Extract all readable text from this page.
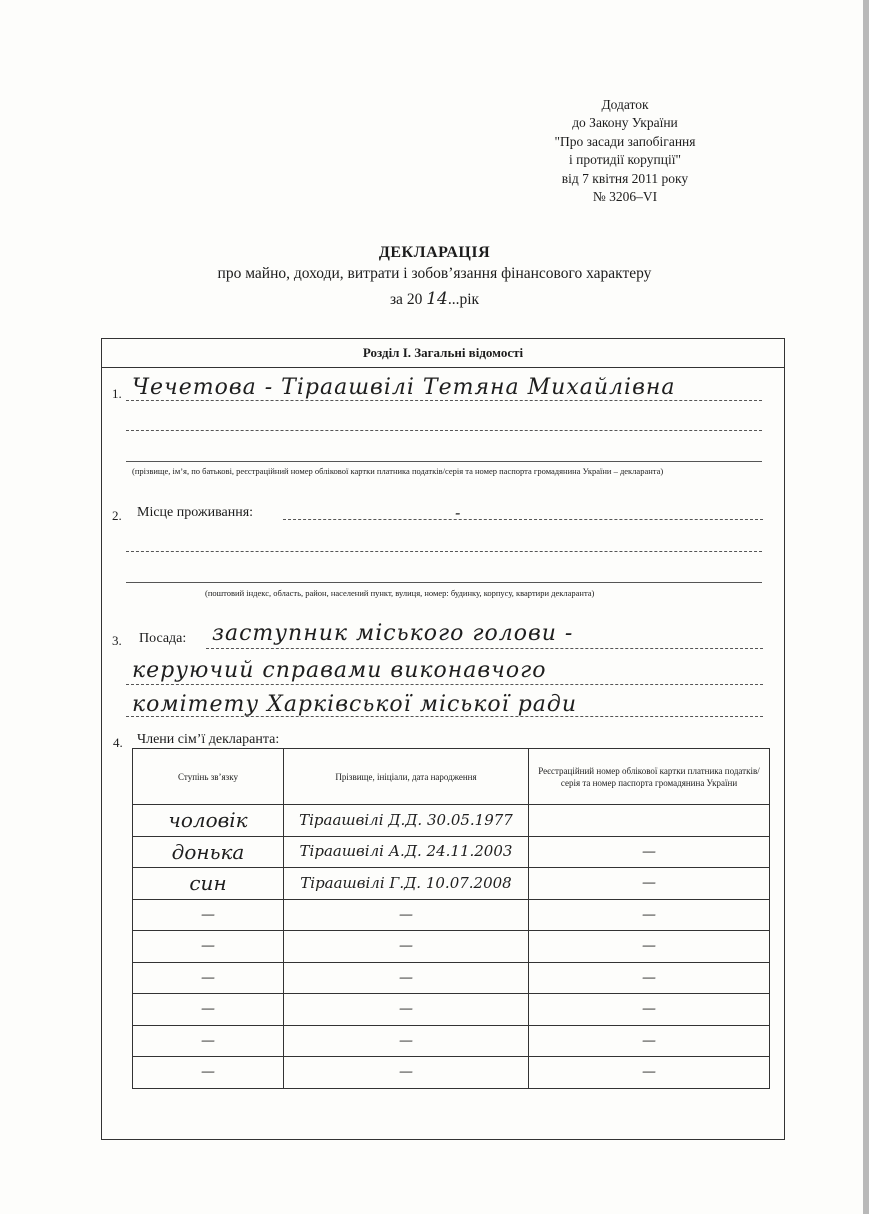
Додаток
до Закону України
"Про засади запобігання
і протидії корупції"
від 7 квітня 2011 року
№ 3206–VI
ДЕКЛАРАЦІЯ
про майно, доходи, витрати і зобов’язання фінансового характеру
за 20 14...рік
Розділ І. Загальні відомості
1. Чечетова - Тіраашвілі Тетяна Михайлівна
(прізвище, ім’я, по батькові, реєстраційний номер облікової картки платника податків/серія та номер паспорта громадянина України – декларанта)
2. Місце проживання:	-
(поштовий індекс, область, район, населений пункт, вулиця, номер: будинку, корпусу, квартири декларанта)
3. Посада: заступник міського голови -
керуючий справами виконавчого
комітету Харківської міської ради
4. Члени сім’ї декларанта:
Ступінь зв’язку	Прізвище, ініціали, дата народження	Реєстраційний номер облікової картки платника податків/ серія та номер паспорта громадянина України
чоловік	Тіраашвілі Д.Д. 30.05.1977	
донька	Тіраашвілі А.Д. 24.11.2003	—
син	Тіраашвілі Г.Д. 10.07.2008	—
—	—	—
—	—	—
—	—	—
—	—	—
—	—	—
—	—	—
